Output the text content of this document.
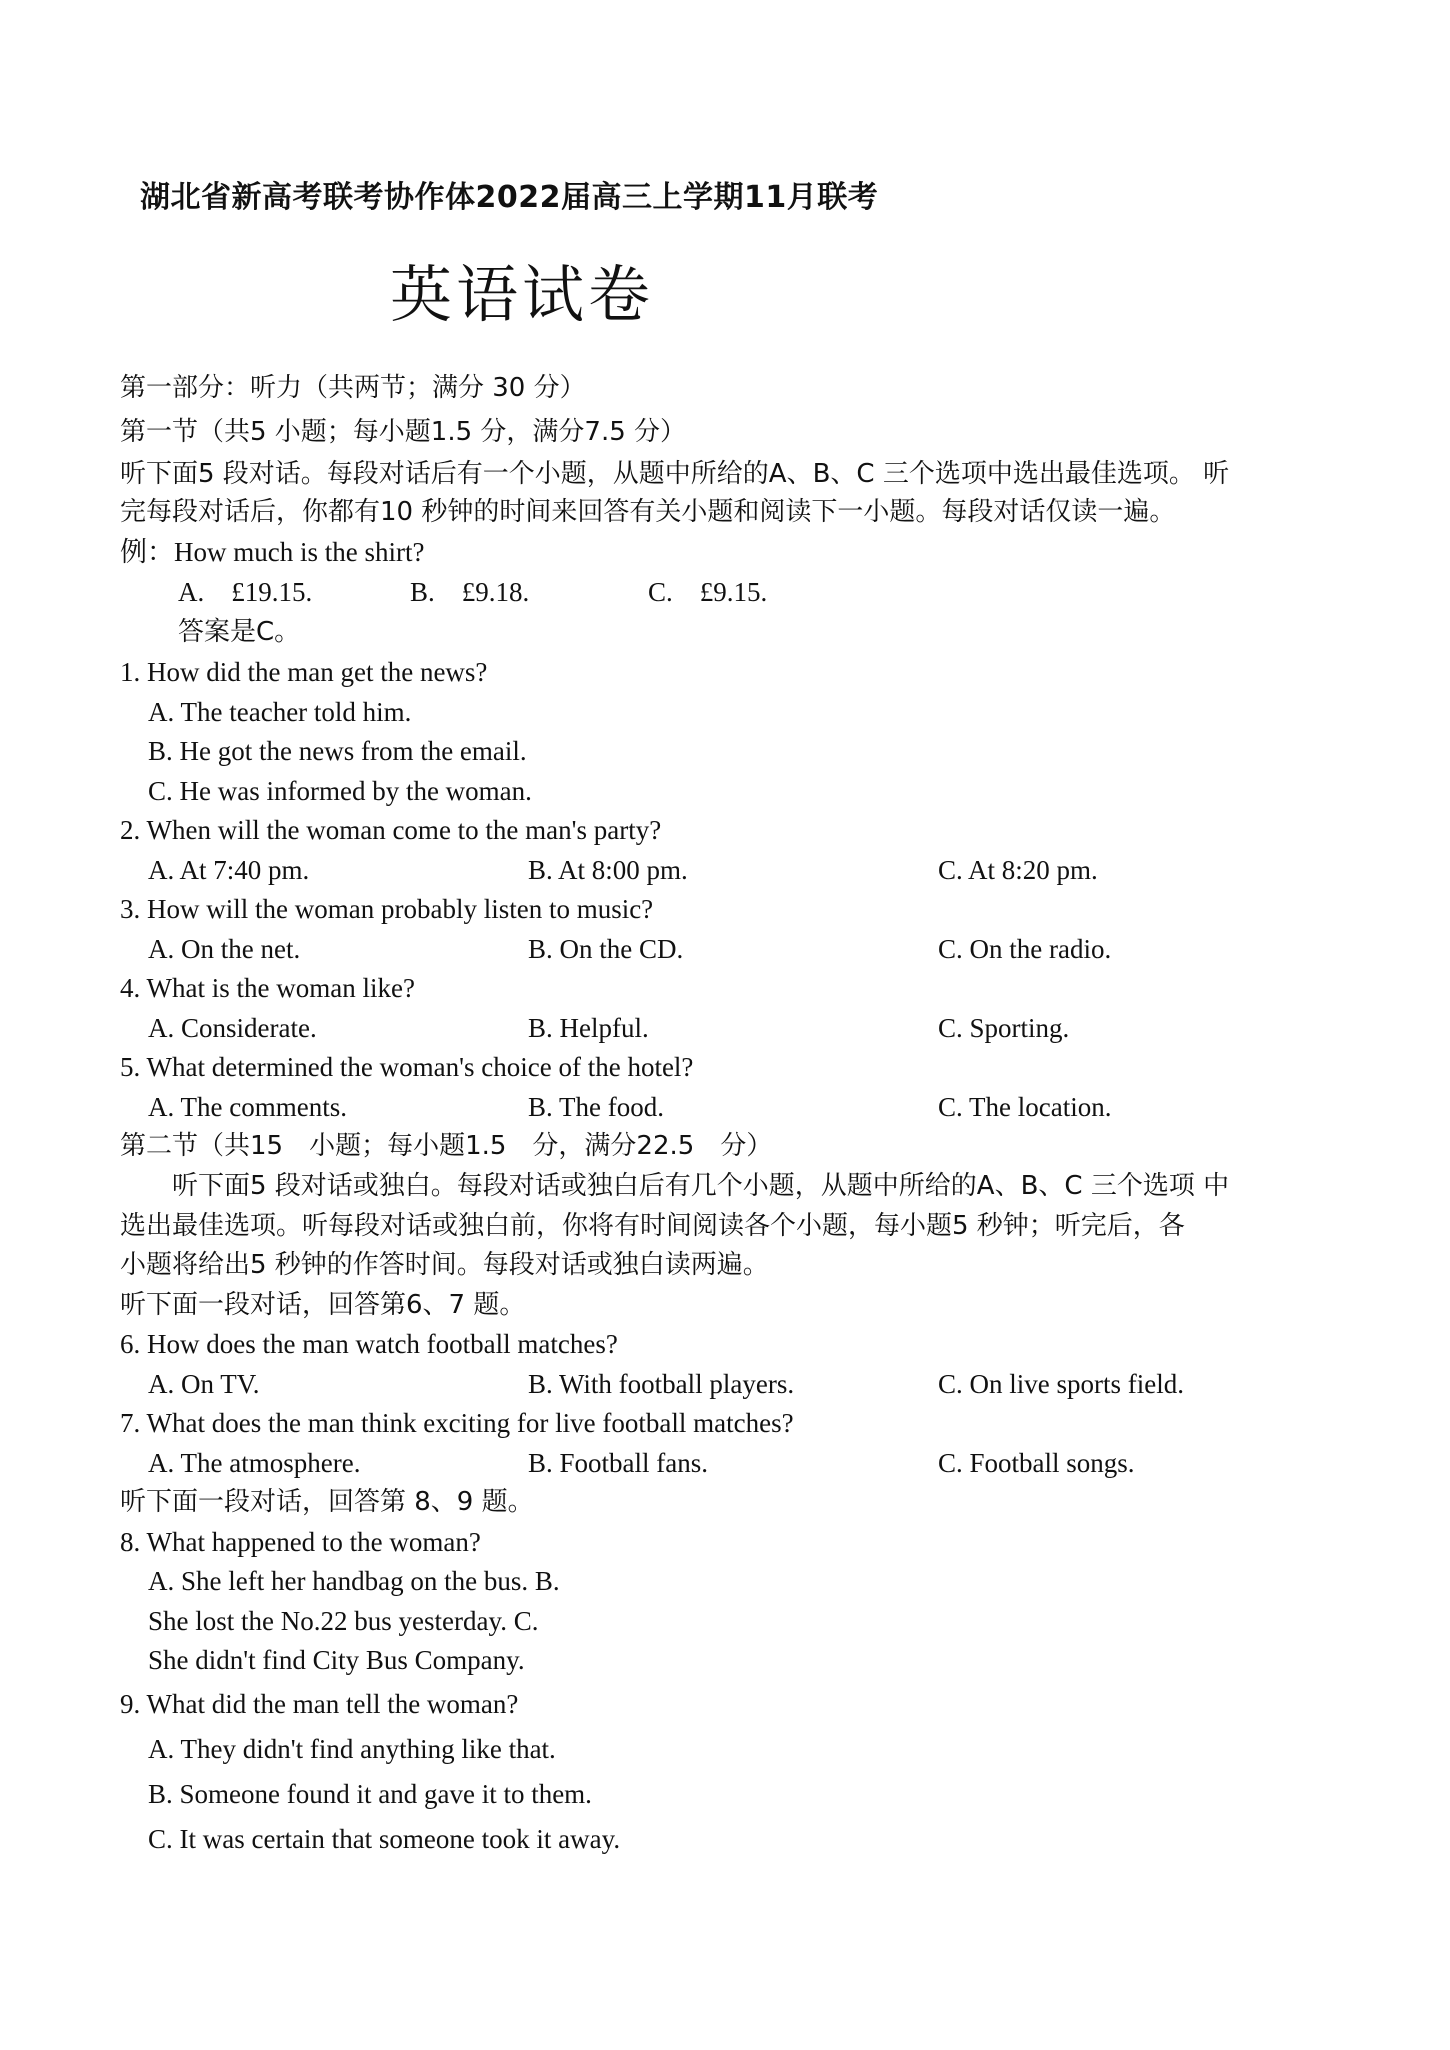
湖北省新高考联考协作体2022届高三上学期11月联考
英语试卷
第一部分：听力（共两节；满分 30 分）
第一节（共5 小题；每小题1.5 分，满分7.5 分）
听下面5 段对话。每段对话后有一个小题，从题中所给的A、B、C 三个选项中选出最佳选项。 听
完每段对话后，你都有10 秒钟的时间来回答有关小题和阅读下一小题。每段对话仅读一遍。
例：How much is the shirt?
A.　£19.15.	B.　£9.18.	C.　£9.15.
答案是C。
1. How did the man get the news?
A. The teacher told him.
B. He got the news from the email.
C. He was informed by the woman.
2. When will the woman come to the man's party?
A. At 7:40 pm.	B. At 8:00 pm.	C. At 8:20 pm.
3. How will the woman probably listen to music?
A. On the net.	B. On the CD.	C. On the radio.
4. What is the woman like?
A. Considerate.	B. Helpful.	C. Sporting.
5. What determined the woman's choice of the hotel?
A. The comments.	B. The food.	C. The location.
第二节（共15　小题；每小题1.5　分，满分22.5　分）
　　听下面5 段对话或独白。每段对话或独白后有几个小题，从题中所给的A、B、C 三个选项 中
选出最佳选项。听每段对话或独白前，你将有时间阅读各个小题，每小题5 秒钟；听完后，各
小题将给出5 秒钟的作答时间。每段对话或独白读两遍。
听下面一段对话，回答第6、7 题。
6. How does the man watch football matches?
A. On TV.	B. With football players.	C. On live sports field.
7. What does the man think exciting for live football matches?
A. The atmosphere.	B. Football fans.	C. Football songs.
听下面一段对话，回答第 8、9 题。
8. What happened to the woman?
A. She left her handbag on the bus. B.
She lost the No.22 bus yesterday. C.
She didn't find City Bus Company.
9. What did the man tell the woman?
A. They didn't find anything like that.
B. Someone found it and gave it to them.
C. It was certain that someone took it away.
